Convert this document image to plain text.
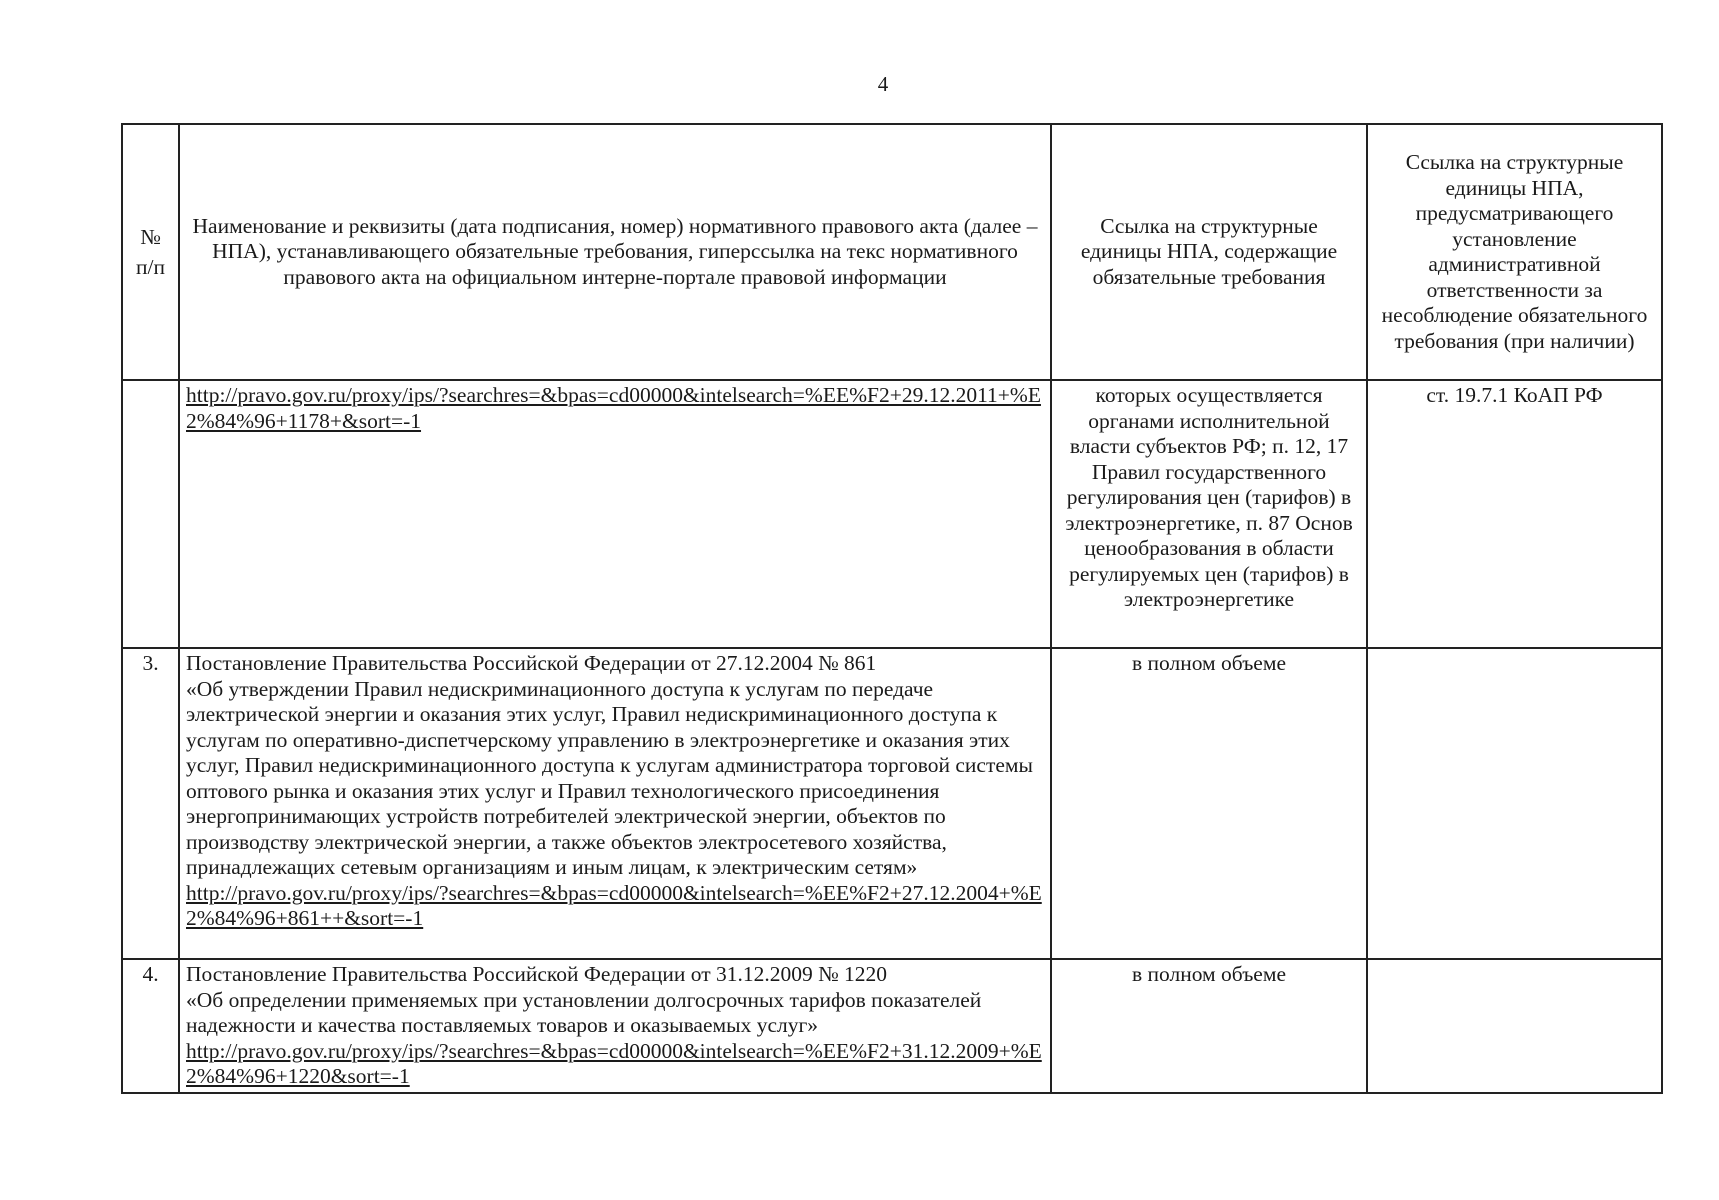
4
№ п/п	Наименование и реквизиты (дата подписания, номер) нормативного правового акта (далее – НПА), устанавливающего обязательные требования, гиперссылка на текс нормативного правового акта на официальном интерне-портале правовой информации	Ссылка на структурные единицы НПА, содержащие обязательные требования	Ссылка на структурные единицы НПА, предусматривающего установление административной ответственности за несоблюдение обязательного требования (при наличии)

	http://pravo.gov.ru/proxy/ips/?searchres=&bpas=cd00000&intelsearch=%EE%F2+29.12.2011+%E2%84%96+1178+&sort=-1	которых осуществляется органами исполнительной власти субъектов РФ; п. 12, 17 Правил государственного регулирования цен (тарифов) в электроэнергетике, п. 87 Основ ценообразования в области регулируемых цен (тарифов) в электроэнергетике	ст. 19.7.1 КоАП РФ
3.	Постановление Правительства Российской Федерации от 27.12.2004 № 861
«Об утверждении Правил недискриминационного доступа к услугам по передаче электрической энергии и оказания этих услуг, Правил недискриминационного доступа к услугам по оперативно-диспетчерскому управлению в электроэнергетике и оказания этих услуг, Правил недискриминационного доступа к услугам администратора торговой системы оптового рынка и оказания этих услуг и Правил технологического присоединения энергопринимающих устройств потребителей электрической энергии, объектов по производству электрической энергии, а также объектов электросетевого хозяйства, принадлежащих сетевым организациям и иным лицам, к электрическим сетям»
http://pravo.gov.ru/proxy/ips/?searchres=&bpas=cd00000&intelsearch=%EE%F2+27.12.2004+%E2%84%96+861++&sort=-1	в полном объеме	
4.	Постановление Правительства Российской Федерации от 31.12.2009 № 1220
«Об определении применяемых при установлении долгосрочных тарифов показателей надежности и качества поставляемых товаров и оказываемых услуг»
http://pravo.gov.ru/proxy/ips/?searchres=&bpas=cd00000&intelsearch=%EE%F2+31.12.2009+%E2%84%96+1220&sort=-1	в полном объеме	
